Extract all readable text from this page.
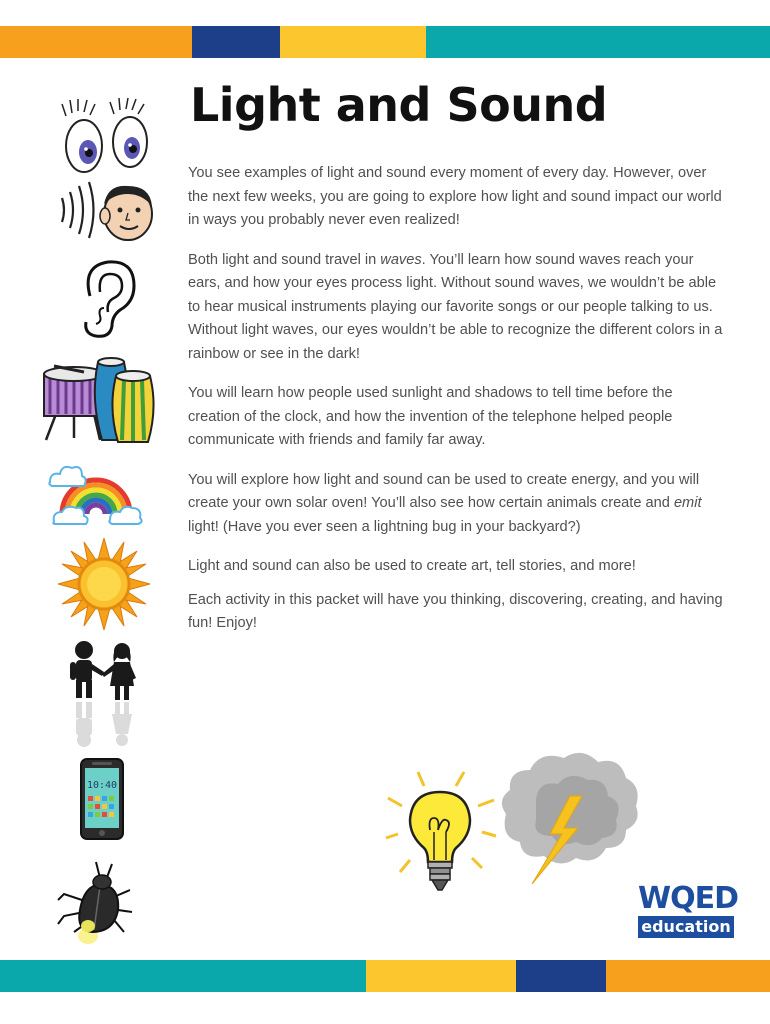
Light and Sound

You see examples of light and sound every moment of every day. However, over the next few weeks, you are going to explore how light and sound impact our world in ways you probably never even realized!

Both light and sound travel in waves. You’ll learn how sound waves reach your ears, and how your eyes process light. Without sound waves, we wouldn’t be able to hear musical instruments playing our favorite songs or our people talking to us. Without light waves, our eyes wouldn’t be able to recognize the different colors in a rainbow or see in the dark!

You will learn how people used sunlight and shadows to tell time before the creation of the clock, and how the invention of the telephone helped people communicate with friends and family far away.

You will explore how light and sound can be used to create energy, and you will create your own solar oven! You’ll also see how certain animals create and emit light! (Have you ever seen a lightning bug in your backyard?)

Light and sound can also be used to create art, tell stories, and more!

Each activity in this packet will have you thinking, discovering, creating, and having fun! Enjoy!

10:40
WQED
education
